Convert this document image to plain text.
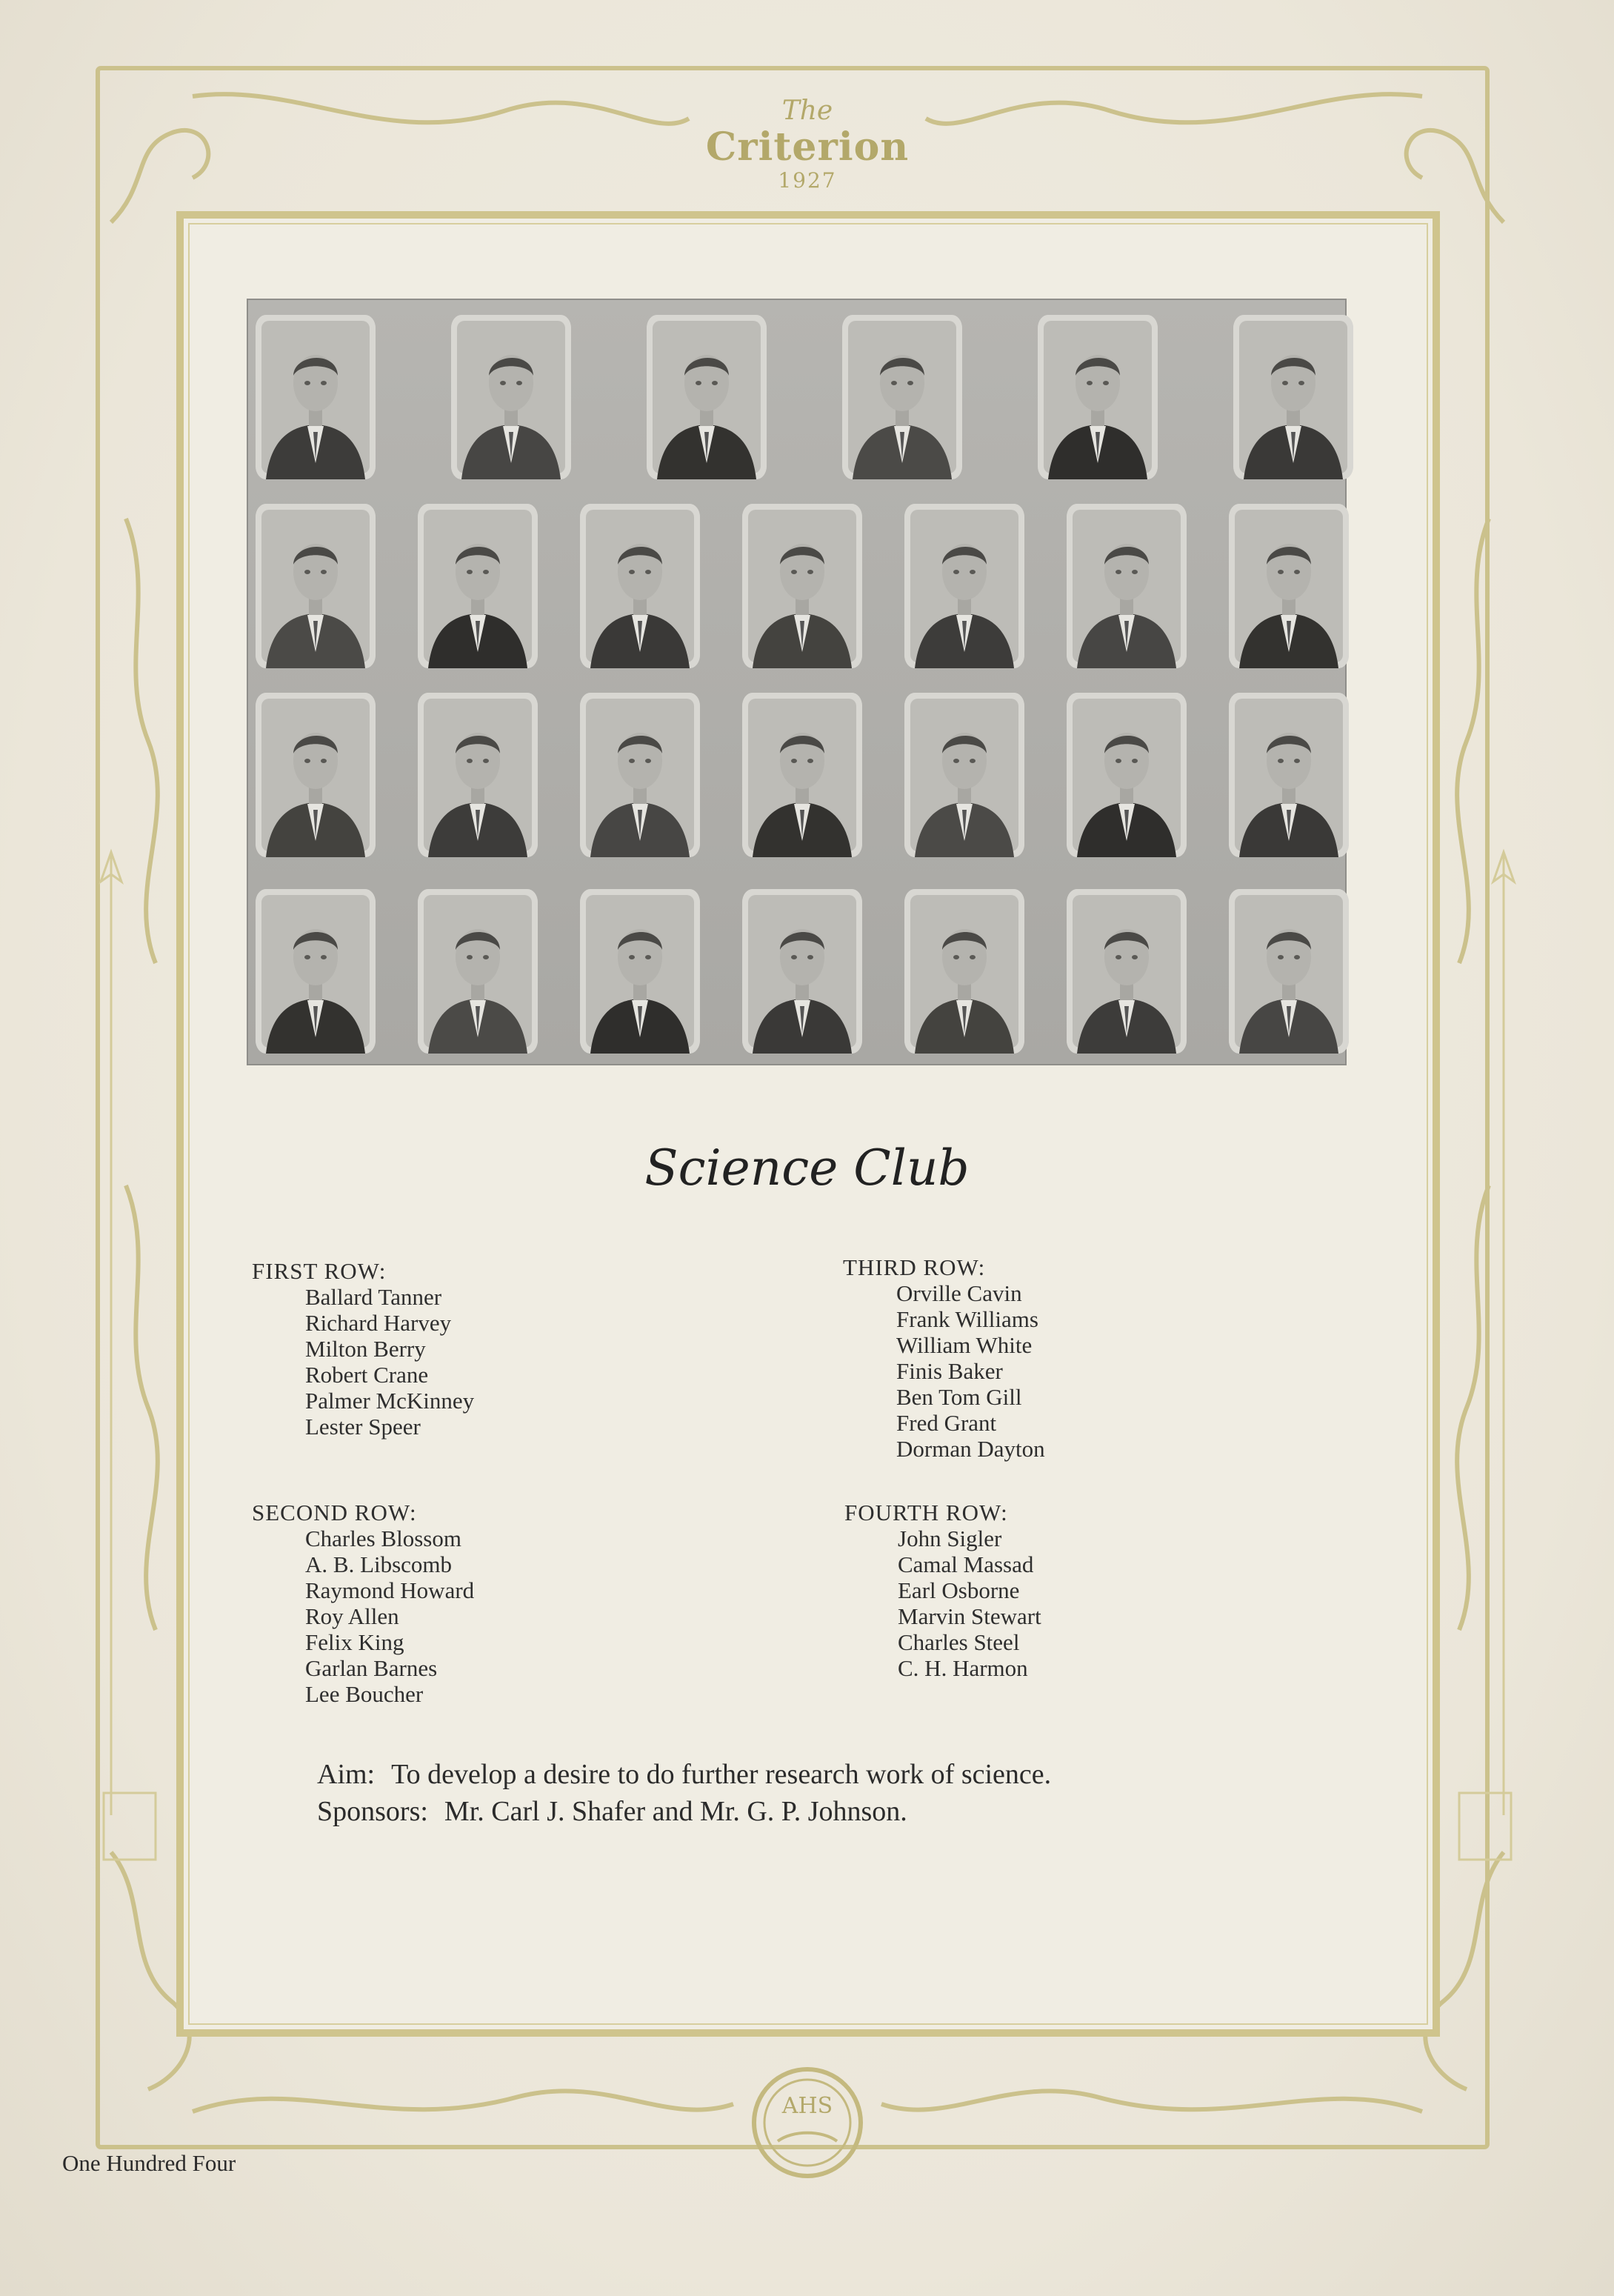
The
Criterion
1927
Science Club
FIRST ROW:
Ballard Tanner
Richard Harvey
Milton Berry
Robert Crane
Palmer McKinney
Lester Speer
SECOND ROW:
Charles Blossom
A. B. Libscomb
Raymond Howard
Roy Allen
Felix King
Garlan Barnes
Lee Boucher
THIRD ROW:
Orville Cavin
Frank Williams
William White
Finis Baker
Ben Tom Gill
Fred Grant
Dorman Dayton
FOURTH ROW:
John Sigler
Camal Massad
Earl Osborne
Marvin Stewart
Charles Steel
C. H. Harmon
Aim: To develop a desire to do further research work of science.
Sponsors: Mr. Carl J. Shafer and Mr. G. P. Johnson.
AHS
One Hundred Four
